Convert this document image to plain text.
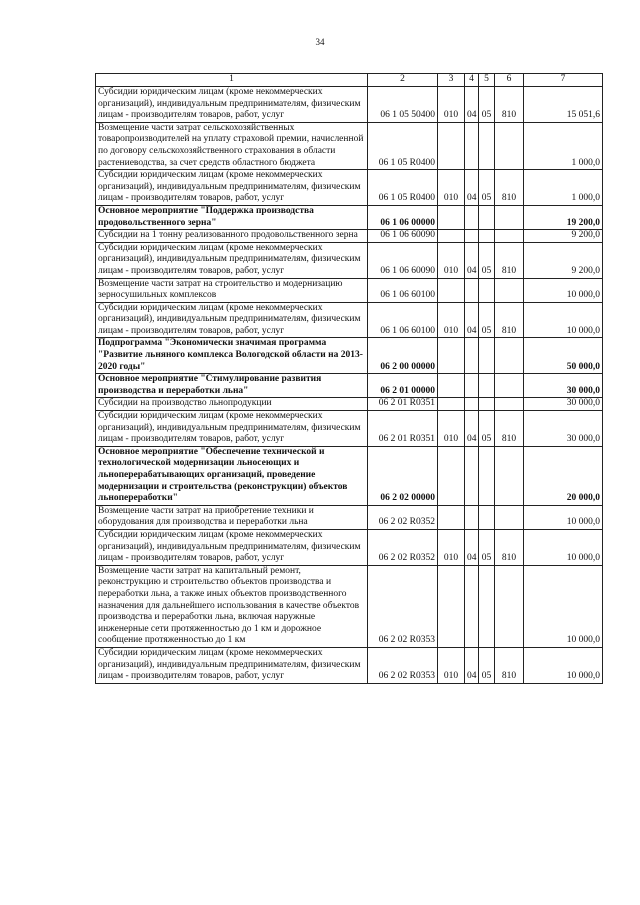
34
1	2	3	4	5	6	7
Субсидии юридическим лицам (кроме некоммерческих организаций), индивидуальным предпринимателям, физическим лицам - производителям товаров, работ, услуг	06 1 05 50400	010	04	05	810	15 051,6
Возмещение части затрат сельскохозяйственных товаропроизводителей на уплату страховой премии, начисленной по договору сельскохозяйственного страхования в области растениеводства, за счет средств областного бюджета	06 1 05 R0400					1 000,0
Субсидии юридическим лицам (кроме некоммерческих организаций), индивидуальным предпринимателям, физическим лицам - производителям товаров, работ, услуг	06 1 05 R0400	010	04	05	810	1 000,0
Основное мероприятие "Поддержка производства продовольственного зерна"	06 1 06 00000					19 200,0
Субсидии на 1 тонну реализованного продовольственного зерна	06 1 06 60090					9 200,0
Субсидии юридическим лицам (кроме некоммерческих организаций), индивидуальным предпринимателям, физическим лицам - производителям товаров, работ, услуг	06 1 06 60090	010	04	05	810	9 200,0
Возмещение части затрат на строительство и модернизацию зерносушильных комплексов	06 1 06 60100					10 000,0
Субсидии юридическим лицам (кроме некоммерческих организаций), индивидуальным предпринимателям, физическим лицам - производителям товаров, работ, услуг	06 1 06 60100	010	04	05	810	10 000,0
Подпрограмма "Экономически значимая программа "Развитие льняного комплекса Вологодской области на 2013-2020 годы"	06 2 00 00000					50 000,0
Основное мероприятие "Стимулирование развития производства и переработки льна"	06 2 01 00000					30 000,0
Субсидии на производство льнопродукции	06 2 01 R0351					30 000,0
Субсидии юридическим лицам (кроме некоммерческих организаций), индивидуальным предпринимателям, физическим лицам - производителям товаров, работ, услуг	06 2 01 R0351	010	04	05	810	30 000,0
Основное мероприятие "Обеспечение технической и технологической модернизации льносеющих и льноперерабатывающих организаций, проведение модернизации и строительства (реконструкции) объектов льнопереработки"	06 2 02 00000					20 000,0
Возмещение части затрат на приобретение техники и оборудования для производства и переработки льна	06 2 02 R0352					10 000,0
Субсидии юридическим лицам (кроме некоммерческих организаций), индивидуальным предпринимателям, физическим лицам - производителям товаров, работ, услуг	06 2 02 R0352	010	04	05	810	10 000,0
Возмещение части затрат на капитальный ремонт, реконструкцию и строительство объектов производства и переработки льна, а также иных объектов производственного назначения для дальнейшего использования в качестве объектов производства и переработки льна, включая наружные инженерные сети протяженностью до 1 км и дорожное сообщение протяженностью до 1 км	06 2 02 R0353					10 000,0
Субсидии юридическим лицам (кроме некоммерческих организаций), индивидуальным предпринимателям, физическим лицам - производителям товаров, работ, услуг	06 2 02 R0353	010	04	05	810	10 000,0
